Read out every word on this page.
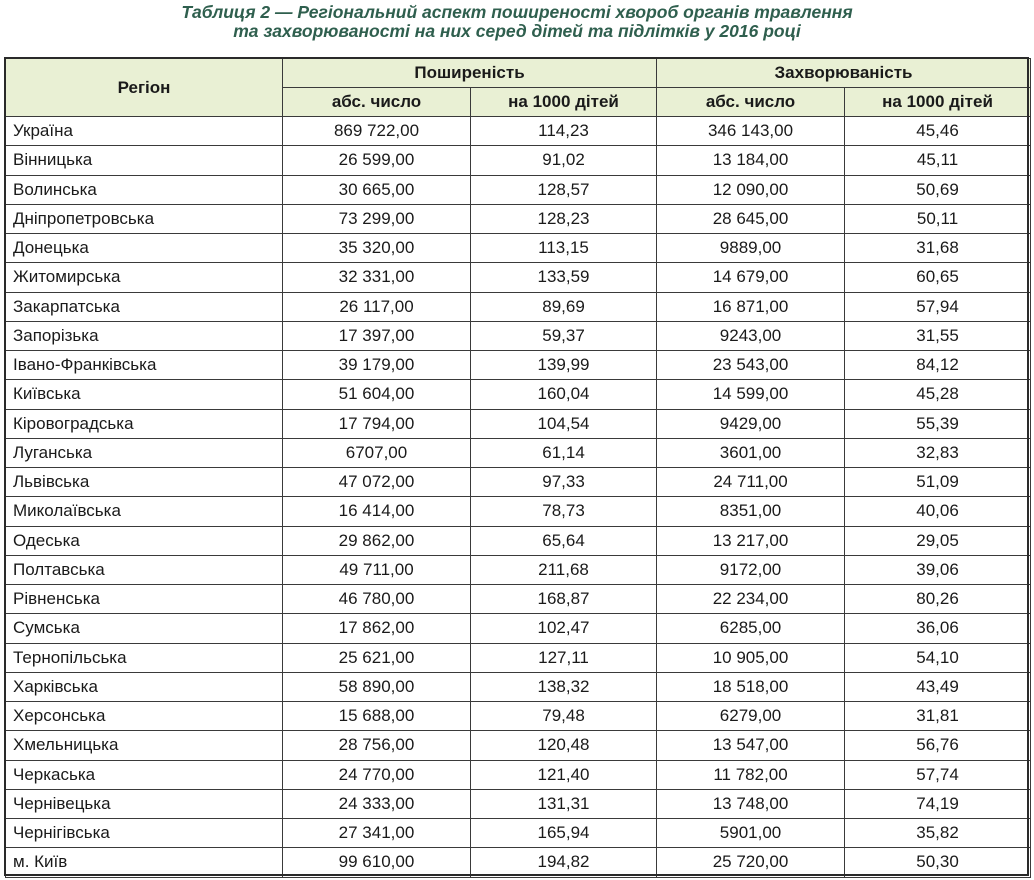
Таблиця 2 — Регіональний аспект поширеності хвороб органів травлення
та захворюваності на них серед дітей та підлітків у 2016 році
Регіон	Поширеність		Захворюваність	
	абс. число	на 1000 дітей	абс. число	на 1000 дітей
Україна	869 722,00	114,23	346 143,00	45,46
Вінницька	26 599,00	91,02	13 184,00	45,11
Волинська	30 665,00	128,57	12 090,00	50,69
Дніпропетровська	73 299,00	128,23	28 645,00	50,11
Донецька	35 320,00	113,15	9889,00	31,68
Житомирська	32 331,00	133,59	14 679,00	60,65
Закарпатська	26 117,00	89,69	16 871,00	57,94
Запорізька	17 397,00	59,37	9243,00	31,55
Івано-Франківська	39 179,00	139,99	23 543,00	84,12
Київська	51 604,00	160,04	14 599,00	45,28
Кіровоградська	17 794,00	104,54	9429,00	55,39
Луганська	6707,00	61,14	3601,00	32,83
Львівська	47 072,00	97,33	24 711,00	51,09
Миколаївська	16 414,00	78,73	8351,00	40,06
Одеська	29 862,00	65,64	13 217,00	29,05
Полтавська	49 711,00	211,68	9172,00	39,06
Рівненська	46 780,00	168,87	22 234,00	80,26
Сумська	17 862,00	102,47	6285,00	36,06
Тернопільська	25 621,00	127,11	10 905,00	54,10
Харківська	58 890,00	138,32	18 518,00	43,49
Херсонська	15 688,00	79,48	6279,00	31,81
Хмельницька	28 756,00	120,48	13 547,00	56,76
Черкаська	24 770,00	121,40	11 782,00	57,74
Чернівецька	24 333,00	131,31	13 748,00	74,19
Чернігівська	27 341,00	165,94	5901,00	35,82
м. Київ	99 610,00	194,82	25 720,00	50,30
